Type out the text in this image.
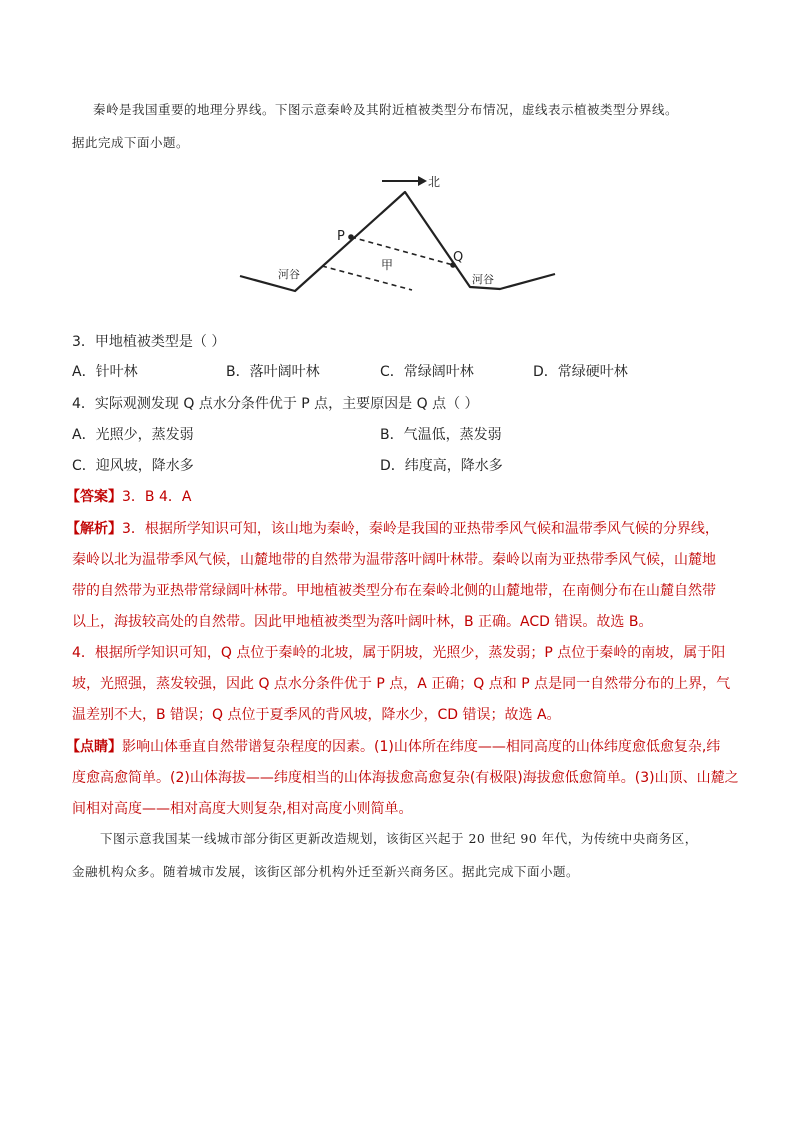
秦岭是我国重要的地理分界线。下图示意秦岭及其附近植被类型分布情况，虚线表示植被类型分界线。
据此完成下面小题。
北
P
Q
甲
河谷	河谷
3．甲地植被类型是（ ）
A．针叶林	B．落叶阔叶林	C．常绿阔叶林	D．常绿硬叶林
4．实际观测发现 Q 点水分条件优于 P 点，主要原因是 Q 点（ ）
A．光照少，蒸发弱	B．气温低，蒸发弱
C．迎风坡，降水多	D．纬度高，降水多
【答案】3．B 4．A
【解析】3．根据所学知识可知，该山地为秦岭，秦岭是我国的亚热带季风气候和温带季风气候的分界线，
秦岭以北为温带季风气候，山麓地带的自然带为温带落叶阔叶林带。秦岭以南为亚热带季风气候，山麓地
带的自然带为亚热带常绿阔叶林带。甲地植被类型分布在秦岭北侧的山麓地带，在南侧分布在山麓自然带
以上，海拔较高处的自然带。因此甲地植被类型为落叶阔叶林，B 正确。ACD 错误。故选 B。
4．根据所学知识可知，Q 点位于秦岭的北坡，属于阴坡，光照少，蒸发弱；P 点位于秦岭的南坡，属于阳
坡，光照强，蒸发较强，因此 Q 点水分条件优于 P 点，A 正确；Q 点和 P 点是同一自然带分布的上界，气
温差别不大，B 错误；Q 点位于夏季风的背风坡，降水少，CD 错误；故选 A。
【点睛】影响山体垂直自然带谱复杂程度的因素。(1)山体所在纬度——相同高度的山体纬度愈低愈复杂,纬
度愈高愈简单。(2)山体海拔——纬度相当的山体海拔愈高愈复杂(有极限)海拔愈低愈简单。(3)山顶、山麓之
间相对高度——相对高度大则复杂,相对高度小则简单。
下图示意我国某一线城市部分街区更新改造规划，该街区兴起于 20 世纪 90 年代，为传统中央商务区，
金融机构众多。随着城市发展，该街区部分机构外迁至新兴商务区。据此完成下面小题。
